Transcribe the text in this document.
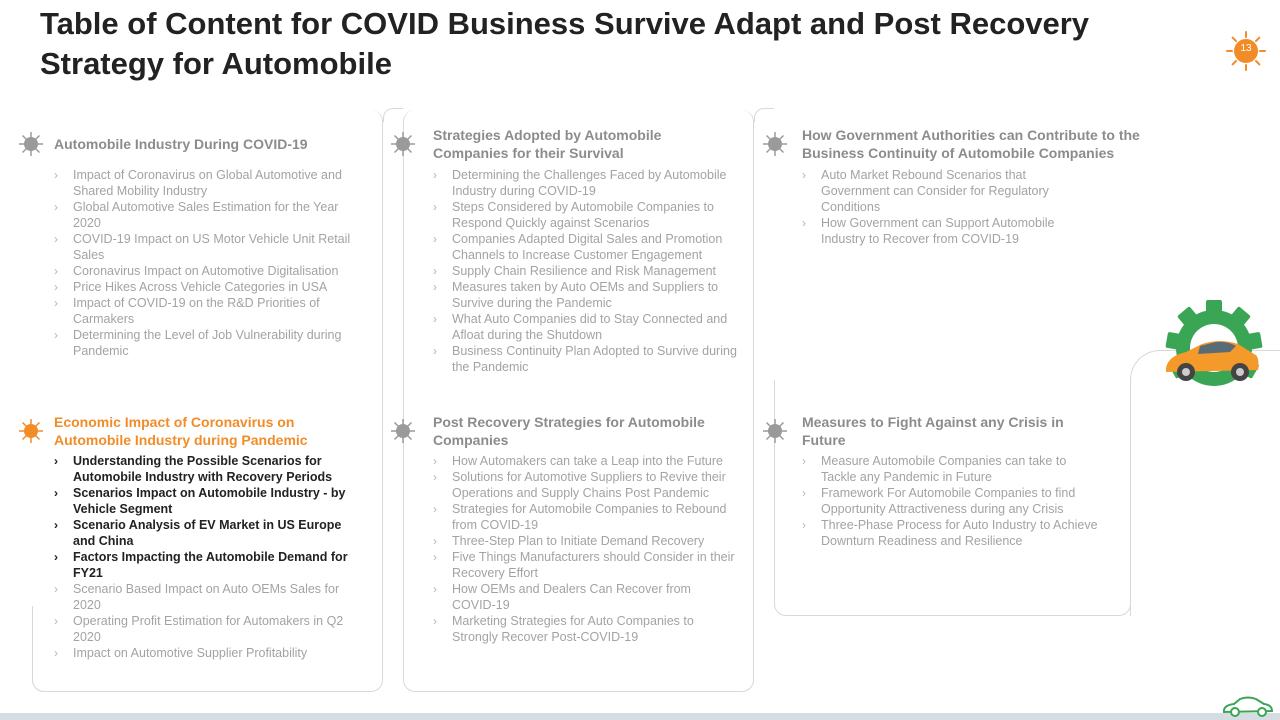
Table of Content for COVID Business Survive Adapt and Post Recovery Strategy for Automobile	13
Automobile Industry During COVID-19
› Impact of Coronavirus on Global Automotive and Shared Mobility Industry
› Global Automotive Sales Estimation for the Year 2020
› COVID-19 Impact on US Motor Vehicle Unit Retail Sales
› Coronavirus Impact on Automotive Digitalisation
› Price Hikes Across Vehicle Categories in USA
› Impact of COVID-19 on the R&D Priorities of Carmakers
› Determining the Level of Job Vulnerability during Pandemic
Strategies Adopted by Automobile Companies for their Survival
› Determining the Challenges Faced by Automobile Industry during COVID-19
› Steps Considered by Automobile Companies to Respond Quickly against Scenarios
› Companies Adapted Digital Sales and Promotion Channels to Increase Customer Engagement
› Supply Chain Resilience and Risk Management
› Measures taken by Auto OEMs and Suppliers to Survive during the Pandemic
› What Auto Companies did to Stay Connected and Afloat during the Shutdown
› Business Continuity Plan Adopted to Survive during the Pandemic
How Government Authorities can Contribute to the Business Continuity of Automobile Companies
› Auto Market Rebound Scenarios that Government can Consider for Regulatory Conditions
› How Government can Support Automobile Industry to Recover from COVID-19
Economic Impact of Coronavirus on Automobile Industry during Pandemic
› Understanding the Possible Scenarios for Automobile Industry with Recovery Periods
› Scenarios Impact on Automobile Industry - by Vehicle Segment
› Scenario Analysis of EV Market in US Europe and China
› Factors Impacting the Automobile Demand for FY21
› Scenario Based Impact on Auto OEMs Sales for 2020
› Operating Profit Estimation for Automakers in Q2 2020
› Impact on Automotive Supplier Profitability
Post Recovery Strategies for Automobile Companies
› How Automakers can take a Leap into the Future
› Solutions for Automotive Suppliers to Revive their Operations and Supply Chains Post Pandemic
› Strategies for Automobile Companies to Rebound from COVID-19
› Three-Step Plan to Initiate Demand Recovery
› Five Things Manufacturers should Consider in their Recovery Effort
› How OEMs and Dealers Can Recover from COVID-19
› Marketing Strategies for Auto Companies to Strongly Recover Post-COVID-19
Measures to Fight Against any Crisis in Future
› Measure Automobile Companies can take to Tackle any Pandemic in Future
› Framework For Automobile Companies to find Opportunity Attractiveness during any Crisis
› Three-Phase Process for Auto Industry to Achieve Downturn Readiness and Resilience
